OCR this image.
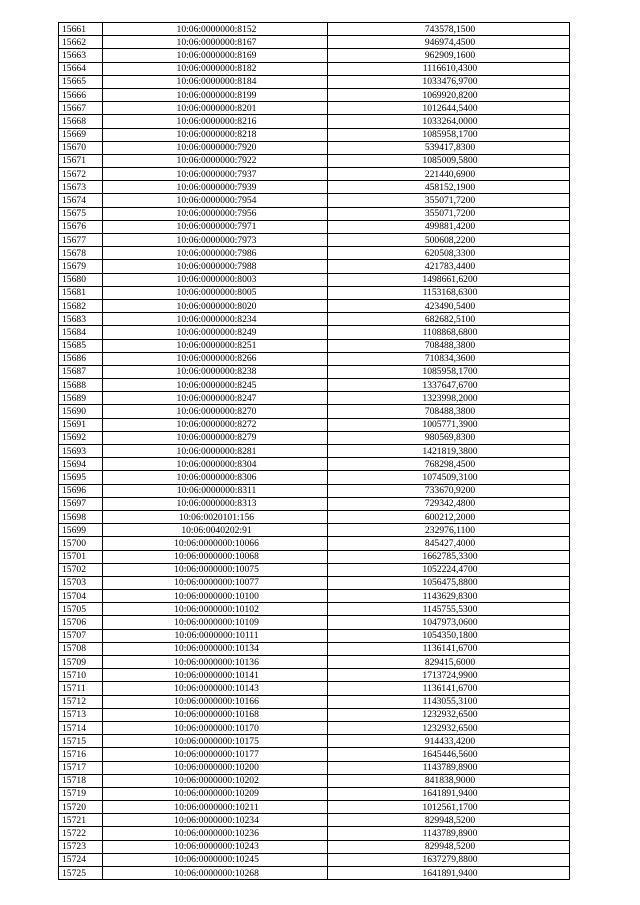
15661	10:06:0000000:8152	743578,1500
15662	10:06:0000000:8167	946974,4500
15663	10:06:0000000:8169	962909,1600
15664	10:06:0000000:8182	1116610,4300
15665	10:06:0000000:8184	1033476,9700
15666	10:06:0000000:8199	1069920,8200
15667	10:06:0000000:8201	1012644,5400
15668	10:06:0000000:8216	1033264,0000
15669	10:06:0000000:8218	1085958,1700
15670	10:06:0000000:7920	539417,8300
15671	10:06:0000000:7922	1085009,5800
15672	10:06:0000000:7937	221440,6900
15673	10:06:0000000:7939	458152,1900
15674	10:06:0000000:7954	355071,7200
15675	10:06:0000000:7956	355071,7200
15676	10:06:0000000:7971	499881,4200
15677	10:06:0000000:7973	500608,2200
15678	10:06:0000000:7986	620508,3300
15679	10:06:0000000:7988	421783,4400
15680	10:06:0000000:8003	1498661,6200
15681	10:06:0000000:8005	1153168,6300
15682	10:06:0000000:8020	423490,5400
15683	10:06:0000000:8234	682682,5100
15684	10:06:0000000:8249	1108868,6800
15685	10:06:0000000:8251	708488,3800
15686	10:06:0000000:8266	710834,3600
15687	10:06:0000000:8238	1085958,1700
15688	10:06:0000000:8245	1337647,6700
15689	10:06:0000000:8247	1323998,2000
15690	10:06:0000000:8270	708488,3800
15691	10:06:0000000:8272	1005771,3900
15692	10:06:0000000:8279	980569,8300
15693	10:06:0000000:8281	1421819,3800
15694	10:06:0000000:8304	768298,4500
15695	10:06:0000000:8306	1074509,3100
15696	10:06:0000000:8311	733670,9200
15697	10:06:0000000:8313	729342,4800
15698	10:06:0020101:156	600212,2000
15699	10:06:0040202:91	232976,1100
15700	10:06:0000000:10066	845427,4000
15701	10:06:0000000:10068	1662785,3300
15702	10:06:0000000:10075	1052224,4700
15703	10:06:0000000:10077	1056475,8800
15704	10:06:0000000:10100	1143629,8300
15705	10:06:0000000:10102	1145755,5300
15706	10:06:0000000:10109	1047973,0600
15707	10:06:0000000:10111	1054350,1800
15708	10:06:0000000:10134	1136141,6700
15709	10:06:0000000:10136	829415,6000
15710	10:06:0000000:10141	1713724,9900
15711	10:06:0000000:10143	1136141,6700
15712	10:06:0000000:10166	1143055,3100
15713	10:06:0000000:10168	1232932,6500
15714	10:06:0000000:10170	1232932,6500
15715	10:06:0000000:10175	914433,4200
15716	10:06:0000000:10177	1645446,5600
15717	10:06:0000000:10200	1143789,8900
15718	10:06:0000000:10202	841838,9000
15719	10:06:0000000:10209	1641891,9400
15720	10:06:0000000:10211	1012561,1700
15721	10:06:0000000:10234	829948,5200
15722	10:06:0000000:10236	1143789,8900
15723	10:06:0000000:10243	829948,5200
15724	10:06:0000000:10245	1637279,8800
15725	10:06:0000000:10268	1641891,9400
